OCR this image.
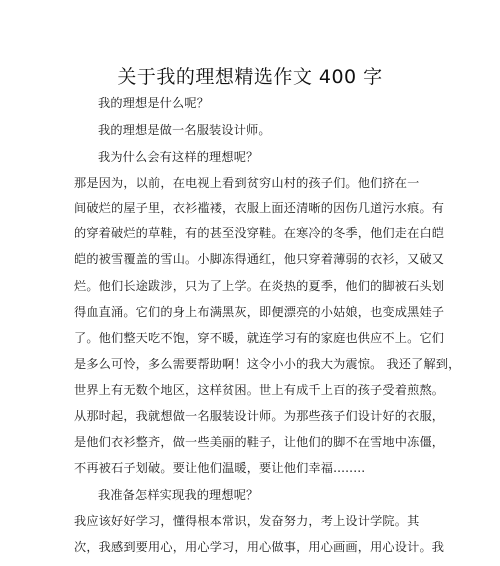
关于我的理想精选作文 400 字
我的理想是什么呢？
我的理想是做一名服装设计师。
我为什么会有这样的理想呢？
那是因为，以前，在电视上看到贫穷山村的孩子们。他们挤在一
间破烂的屋子里，衣衫褴褛，衣服上面还清晰的因伤几道污水痕。有
的穿着破烂的草鞋，有的甚至没穿鞋。在寒冷的冬季，他们走在白皑
皑的被雪覆盖的雪山。小脚冻得通红，他只穿着薄弱的衣衫，又破又
烂。他们长途跋涉，只为了上学。在炎热的夏季，他们的脚被石头划
得血直涌。它们的身上布满黑灰，即便漂亮的小姑娘，也变成黑娃子
了。他们整天吃不饱，穿不暖，就连学习有的家庭也供应不上。它们
是多么可怜，多么需要帮助啊！这令小小的我大为震惊。 我还了解到，
世界上有无数个地区，这样贫困。世上有成千上百的孩子受着煎熬。
从那时起，我就想做一名服装设计师。为那些孩子们设计好的衣服，
是他们衣衫整齐，做一些美丽的鞋子，让他们的脚不在雪地中冻僵，
不再被石子划破。要让他们温暖，要让他们幸福........
我准备怎样实现我的理想呢？
我应该好好学习，懂得根本常识，发奋努力，考上设计学院。其
次，我感到要用心，用心学习，用心做事，用心画画，用心设计。我
